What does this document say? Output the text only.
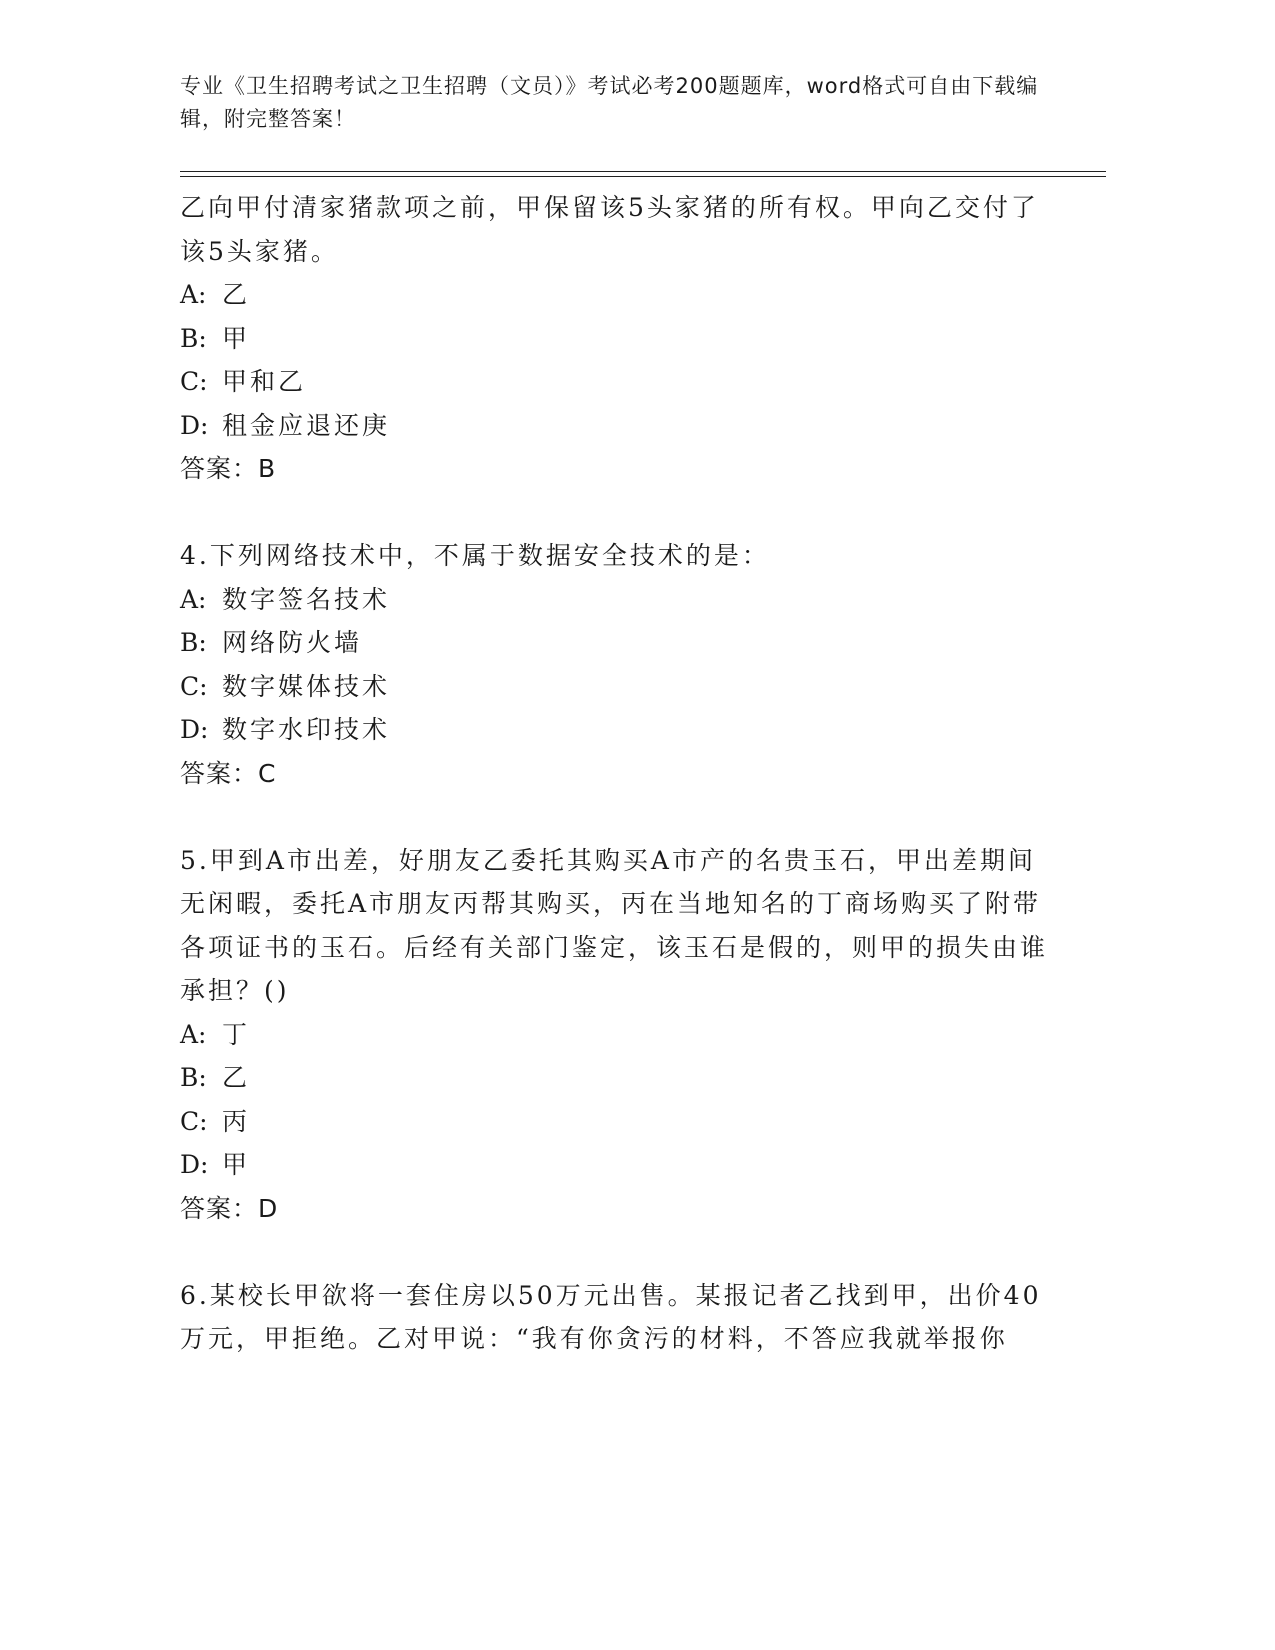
专业《卫生招聘考试之卫生招聘（文员）》考试必考200题题库，word格式可自由下载编辑，附完整答案！

乙向甲付清家猪款项之前，甲保留该5头家猪的所有权。甲向乙交付了该5头家猪。

A: 乙

B: 甲

C: 甲和乙

D: 租金应退还庚

答案：B

4.下列网络技术中，不属于数据安全技术的是：

A: 数字签名技术

B: 网络防火墙

C: 数字媒体技术

D: 数字水印技术

答案：C

5.甲到A市出差，好朋友乙委托其购买A市产的名贵玉石，甲出差期间无闲暇，委托A市朋友丙帮其购买，丙在当地知名的丁商场购买了附带各项证书的玉石。后经有关部门鉴定，该玉石是假的，则甲的损失由谁承担？()

A: 丁

B: 乙

C: 丙

D: 甲

答案：D

6.某校长甲欲将一套住房以50万元出售。某报记者乙找到甲，出价40万元，甲拒绝。乙对甲说：“我有你贪污的材料，不答应我就举报你
